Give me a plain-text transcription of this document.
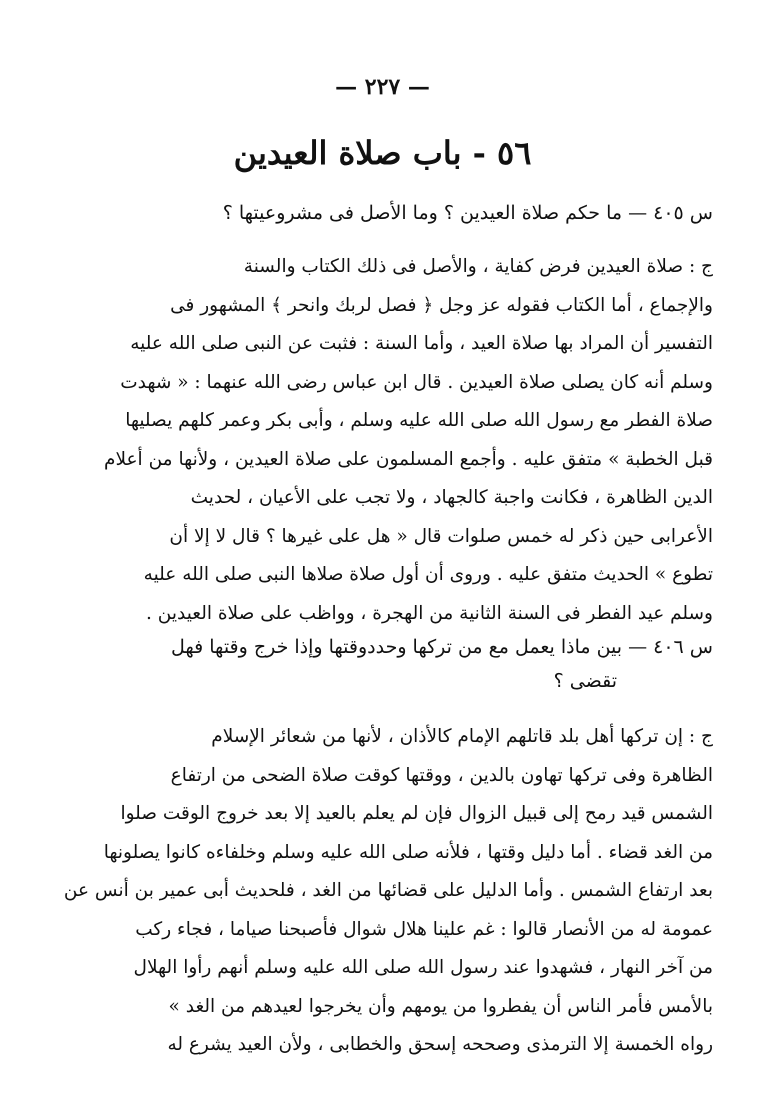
— ٢٢٧ —
٥٦ - باب صلاة العيدين
س ٤٠٥ — ما حكم صلاة العيدين ؟ وما الأصل فى مشروعيتها ؟
ج : صلاة العيدين فرض كفاية ، والأصل فى ذلك الكتاب والسنة
والإجماع ، أما الكتاب فقوله عز وجل ﴿ فصل لربك وانحر ﴾ المشهور فى
التفسير أن المراد بها صلاة العيد ، وأما السنة : فثبت عن النبى صلى الله عليه
وسلم أنه كان يصلى صلاة العيدين . قال ابن عباس رضى الله عنهما : « شهدت
صلاة الفطر مع رسول الله صلى الله عليه وسلم ، وأبى بكر وعمر كلهم يصليها
قبل الخطبة » متفق عليه . وأجمع المسلمون على صلاة العيدين ، ولأنها من أعلام
الدين الظاهرة ، فكانت واجبة كالجهاد ، ولا تجب على الأعيان ، لحديث
الأعرابى حين ذكر له خمس صلوات قال « هل على غيرها ؟ قال لا إلا أن
تطوع » الحديث متفق عليه . وروى أن أول صلاة صلاها النبى صلى الله عليه
وسلم عيد الفطر فى السنة الثانية من الهجرة ، وواظب على صلاة العيدين .
س ٤٠٦ — بين ماذا يعمل مع من تركها وحددوقتها وإذا خرج وقتها فهل
تقضى ؟
ج : إن تركها أهل بلد قاتلهم الإمام كالأذان ، لأنها من شعائر الإسلام
الظاهرة وفى تركها تهاون بالدين ، ووقتها كوقت صلاة الضحى من ارتفاع
الشمس قيد رمح إلى قبيل الزوال فإن لم يعلم بالعيد إلا بعد خروج الوقت صلوا
من الغد قضاء . أما دليل وقتها ، فلأنه صلى الله عليه وسلم وخلفاءه كانوا يصلونها
بعد ارتفاع الشمس . وأما الدليل على قضائها من الغد ، فلحديث أبى عمير بن أنس عن
عمومة له من الأنصار قالوا : غم علينا هلال شوال فأصبحنا صياما ، فجاء ركب
من آخر النهار ، فشهدوا عند رسول الله صلى الله عليه وسلم أنهم رأوا الهلال
بالأمس فأمر الناس أن يفطروا من يومهم وأن يخرجوا لعيدهم من الغد »
رواه الخمسة إلا الترمذى وصححه إسحق والخطابى ، ولأن العيد يشرع له
